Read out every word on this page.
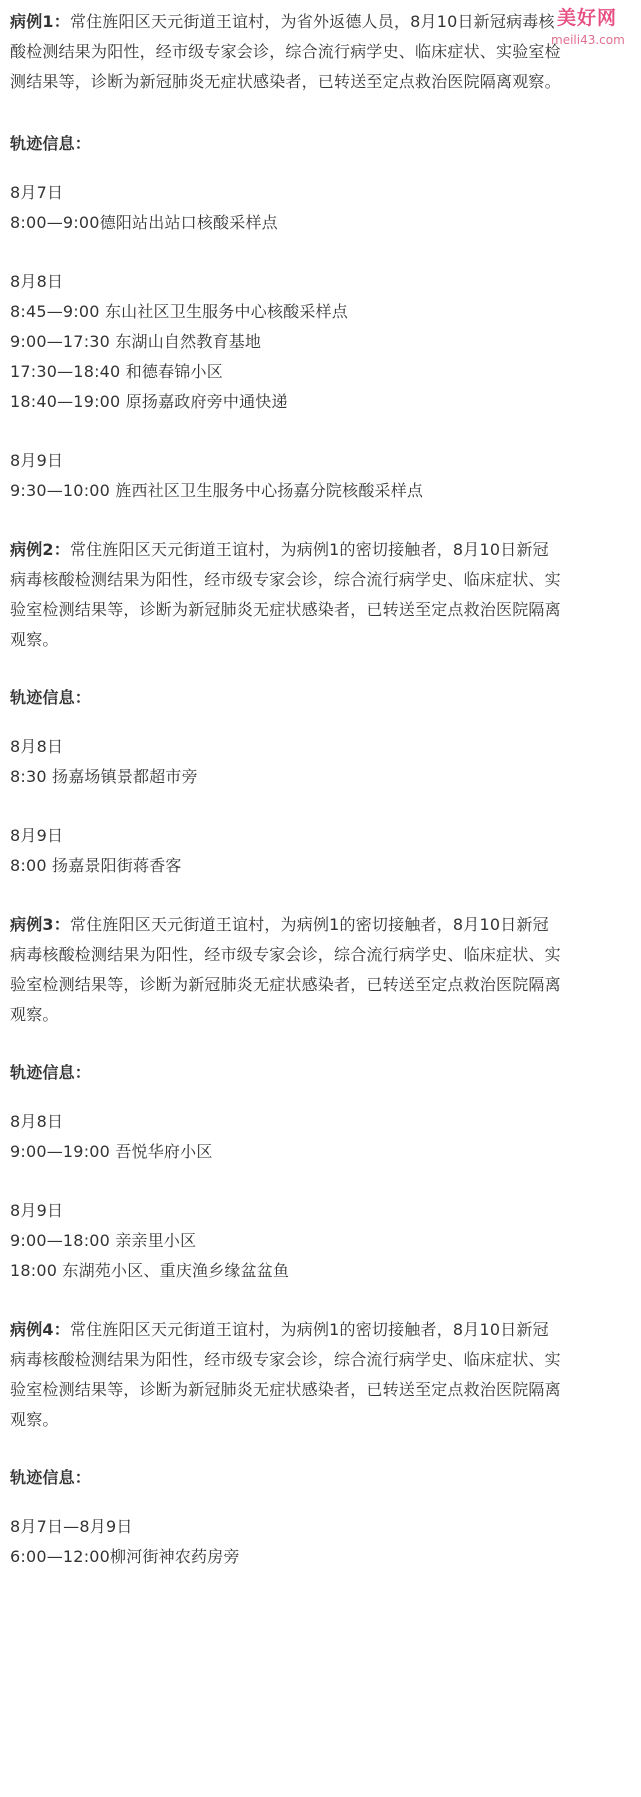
美好网
meili43.com
病例1：常住旌阳区天元街道王谊村，为省外返德人员，8月10日新冠病毒核
酸检测结果为阳性，经市级专家会诊，综合流行病学史、临床症状、实验室检
测结果等，诊断为新冠肺炎无症状感染者，已转送至定点救治医院隔离观察。
轨迹信息：
8月7日
8:00—9:00德阳站出站口核酸采样点
8月8日
8:45—9:00 东山社区卫生服务中心核酸采样点
9:00—17:30 东湖山自然教育基地
17:30—18:40 和德春锦小区
18:40—19:00 原扬嘉政府旁中通快递
8月9日
9:30—10:00 旌西社区卫生服务中心扬嘉分院核酸采样点
病例2：常住旌阳区天元街道王谊村，为病例1的密切接触者，8月10日新冠
病毒核酸检测结果为阳性，经市级专家会诊，综合流行病学史、临床症状、实
验室检测结果等，诊断为新冠肺炎无症状感染者，已转送至定点救治医院隔离
观察。
轨迹信息：
8月8日
8:30 扬嘉场镇景都超市旁
8月9日
8:00 扬嘉景阳街蒋香客
病例3：常住旌阳区天元街道王谊村，为病例1的密切接触者，8月10日新冠
病毒核酸检测结果为阳性，经市级专家会诊，综合流行病学史、临床症状、实
验室检测结果等，诊断为新冠肺炎无症状感染者，已转送至定点救治医院隔离
观察。
轨迹信息：
8月8日
9:00—19:00 吾悦华府小区
8月9日
9:00—18:00 亲亲里小区
18:00 东湖苑小区、重庆渔乡缘盆盆鱼
病例4：常住旌阳区天元街道王谊村，为病例1的密切接触者，8月10日新冠
病毒核酸检测结果为阳性，经市级专家会诊，综合流行病学史、临床症状、实
验室检测结果等，诊断为新冠肺炎无症状感染者，已转送至定点救治医院隔离
观察。
轨迹信息：
8月7日—8月9日
6:00—12:00柳河街神农药房旁
